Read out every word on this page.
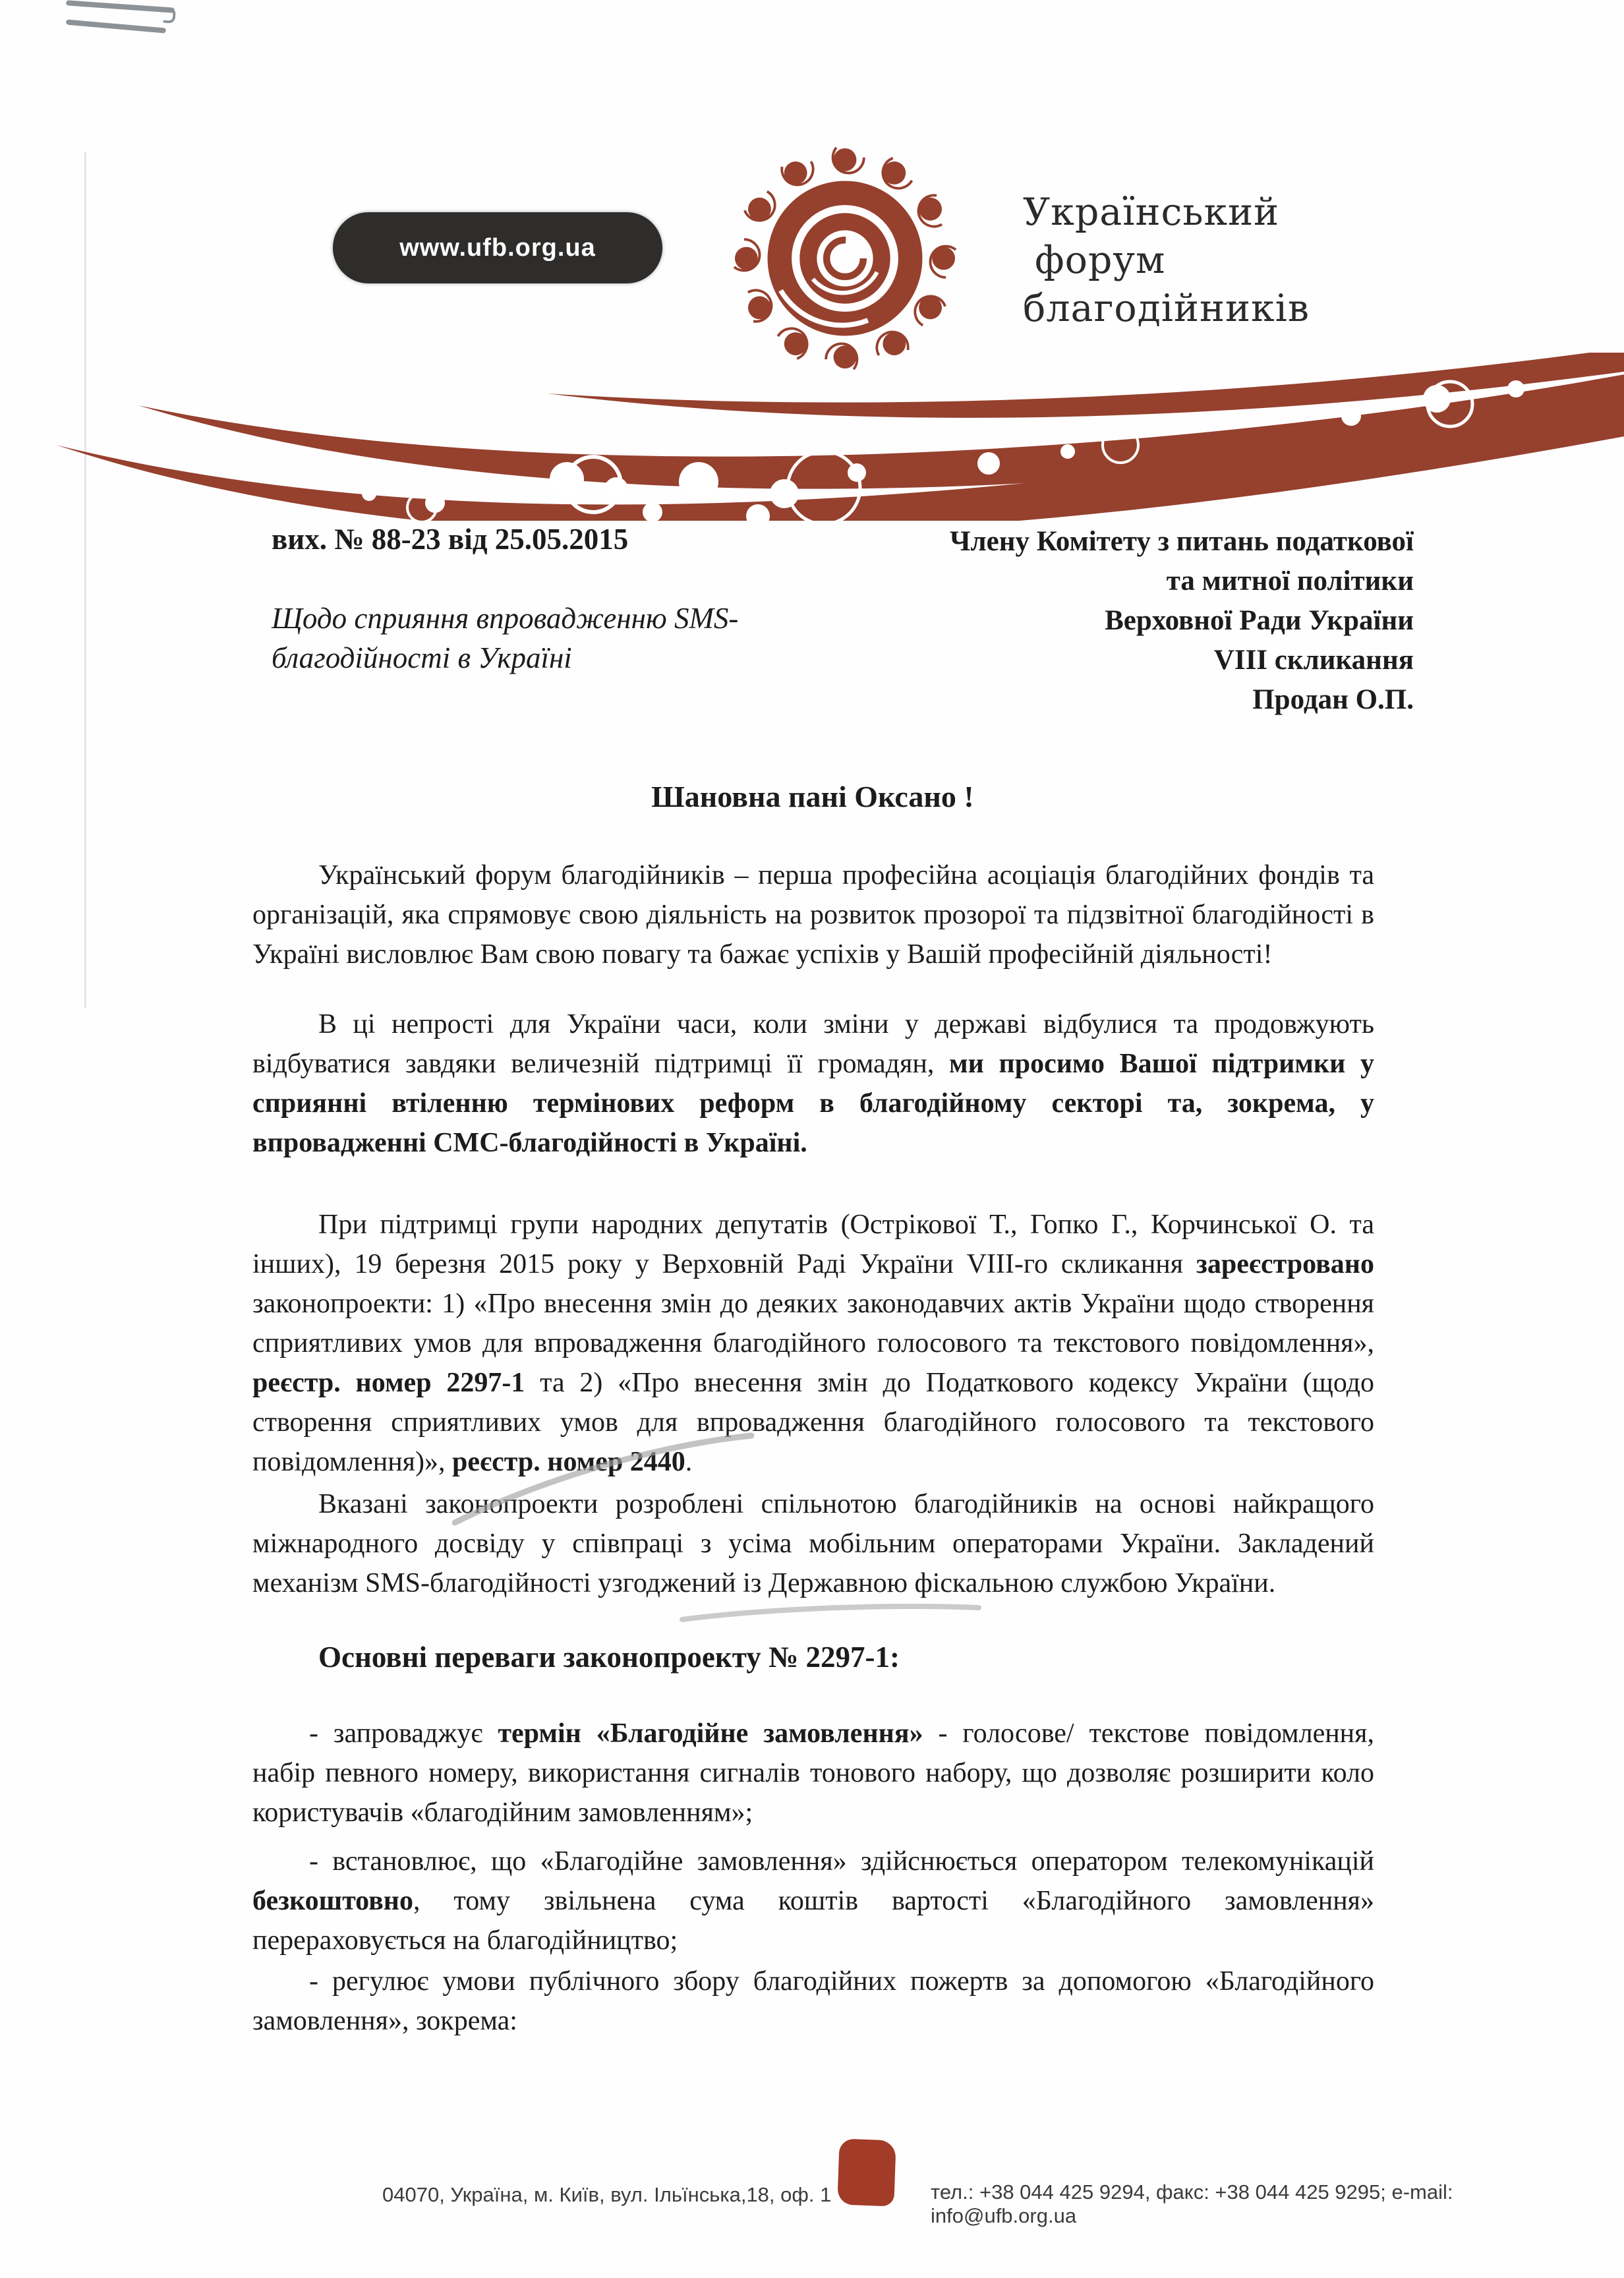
www.ufb.org.ua
Український
форум
благодійників
вих. № 88-23 від 25.05.2015
Щодо сприяння впровадженню SMS-
благодійності в Україні
Члену Комітету з питань податкової
та митної політики
Верховної Ради України
VIII скликання
Продан О.П.
Шановна пані Оксано !

Український форум благодійників – перша професійна асоціація благодійних фондів та організацій, яка спрямовує свою діяльність на розвиток прозорої та підзвітної благодійності в Україні висловлює Вам свою повагу та бажає успіхів у Вашій професійній діяльності!

В ці непрості для України часи, коли зміни у державі відбулися та продовжують відбуватися завдяки величезній підтримці її громадян, ми просимо Вашої підтримки у сприянні втіленню термінових реформ в благодійному секторі та, зокрема, у впровадженні СМС-благодійності в Україні.

При підтримці групи народних депутатів (Острікової Т., Гопко Г., Корчинської О. та інших), 19 березня 2015 року у Верховній Раді України VIII-го скликання зареєстровано законопроекти: 1) «Про внесення змін до деяких законодавчих актів України щодо створення сприятливих умов для впровадження благодійного голосового та текстового повідомлення», реєстр. номер 2297-1 та 2) «Про внесення змін до Податкового кодексу України (щодо створення сприятливих умов для впровадження благодійного голосового та текстового повідомлення)», реєстр. номер 2440.

Вказані законопроекти розроблені спільнотою благодійників на основі найкращого міжнародного досвіду у співпраці з усіма мобільним операторами України. Закладений механізм SMS-благодійності узгоджений із Державною фіскальною службою України.

Основні переваги законопроекту № 2297-1:

- запроваджує термін «Благодійне замовлення» - голосове/ текстове повідомлення, набір певного номеру, використання сигналів тонового набору, що дозволяє розширити коло користувачів «благодійним замовленням»;

- встановлює, що «Благодійне замовлення» здійснюється оператором телекомунікацій безкоштовно, тому звільнена сума коштів вартості «Благодійного замовлення» перераховується на благодійництво;

- регулює умови публічного збору благодійних пожертв за допомогою «Благодійного замовлення», зокрема:

04070, Україна, м. Київ, вул. Ільїнська,18, оф. 1	тел.: +38 044 425 9294, факс: +38 044 425 9295; e-mail: info@ufb.org.ua
